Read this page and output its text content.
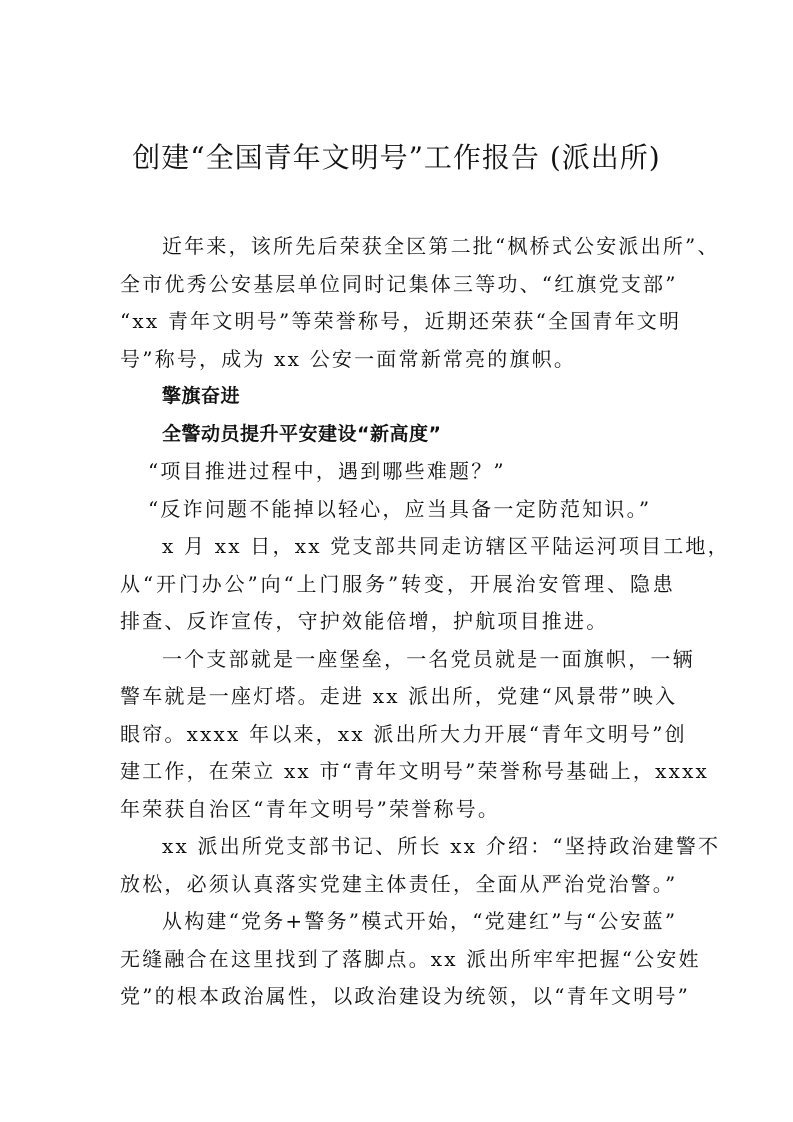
创建“全国青年文明号”工作报告 (派出所)
近年来，该所先后荣获全区第二批“枫桥式公安派出所”、
全市优秀公安基层单位同时记集体三等功、“红旗党支部”
“xx 青年文明号”等荣誉称号，近期还荣获“全国青年文明
号”称号，成为 xx 公安一面常新常亮的旗帜。
擎旗奋进
全警动员提升平安建设“新高度”
“项目推进过程中，遇到哪些难题？”
“反诈问题不能掉以轻心，应当具备一定防范知识。”
x 月 xx 日，xx 党支部共同走访辖区平陆运河项目工地，
从“开门办公”向“上门服务”转变，开展治安管理、隐患
排查、反诈宣传，守护效能倍增，护航项目推进。
一个支部就是一座堡垒，一名党员就是一面旗帜，一辆
警车就是一座灯塔。走进 xx 派出所，党建“风景带”映入
眼帘。xxxx 年以来，xx 派出所大力开展“青年文明号”创
建工作，在荣立 xx 市“青年文明号”荣誉称号基础上，xxxx
年荣获自治区“青年文明号”荣誉称号。
xx 派出所党支部书记、所长 xx 介绍：“坚持政治建警不
放松，必须认真落实党建主体责任，全面从严治党治警。”
从构建“党务+警务”模式开始，“党建红”与“公安蓝”
无缝融合在这里找到了落脚点。xx 派出所牢牢把握“公安姓
党”的根本政治属性，以政治建设为统领，以“青年文明号”
